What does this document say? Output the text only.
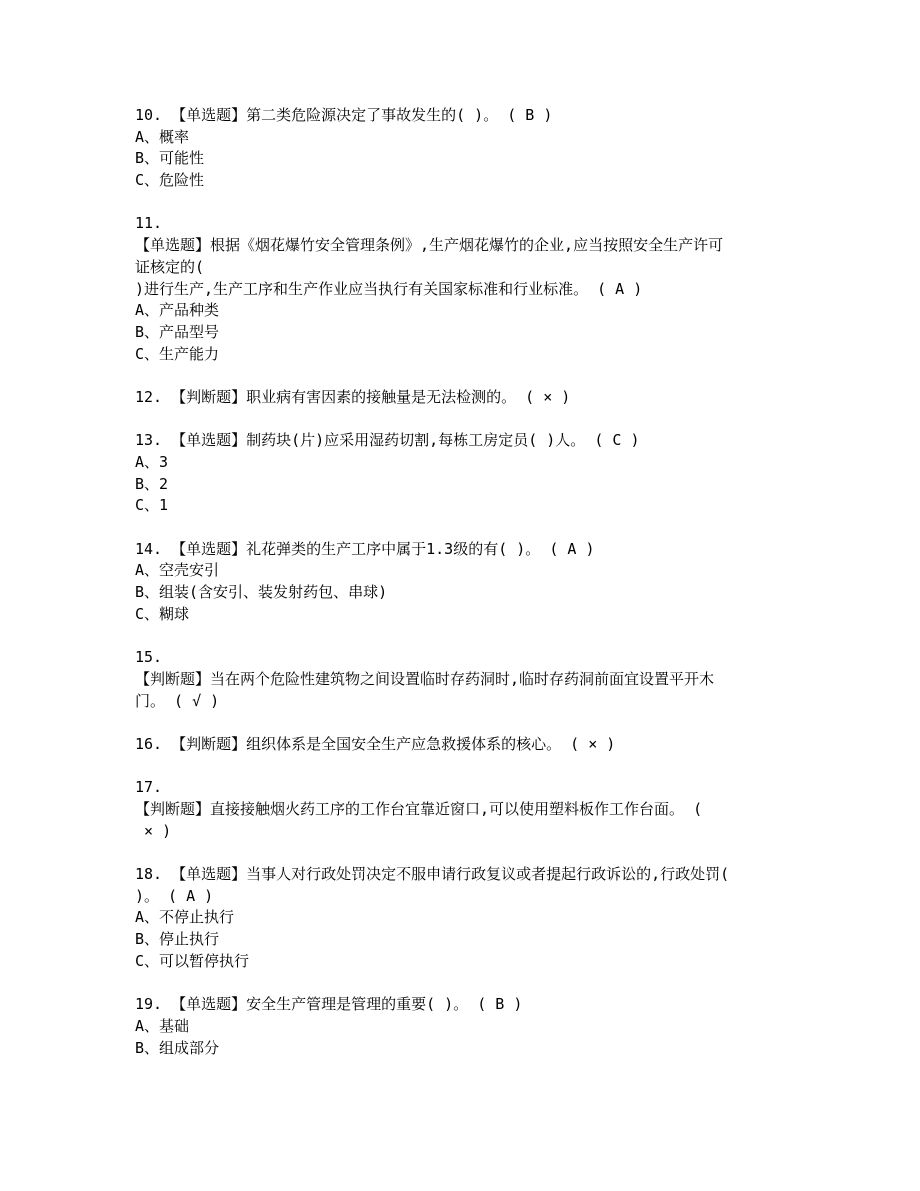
10. 【单选题】第二类危险源决定了事故发生的( )。 ( B )
A、概率
B、可能性
C、危险性
11.
【单选题】根据《烟花爆竹安全管理条例》,生产烟花爆竹的企业,应当按照安全生产许可
证核定的(
)进行生产,生产工序和生产作业应当执行有关国家标准和行业标准。 ( A )
A、产品种类
B、产品型号
C、生产能力
12. 【判断题】职业病有害因素的接触量是无法检测的。 ( × )
13. 【单选题】制药块(片)应采用湿药切割,每栋工房定员( )人。 ( C )
A、3
B、2
C、1
14. 【单选题】礼花弹类的生产工序中属于1.3级的有( )。 ( A )
A、空壳安引
B、组装(含安引、装发射药包、串球)
C、糊球
15.
【判断题】当在两个危险性建筑物之间设置临时存药洞时,临时存药洞前面宜设置平开木
门。 ( √ )
16. 【判断题】组织体系是全国安全生产应急救援体系的核心。 ( × )
17.
【判断题】直接接触烟火药工序的工作台宜靠近窗口,可以使用塑料板作工作台面。 (
× )
18. 【单选题】当事人对行政处罚决定不服申请行政复议或者提起行政诉讼的,行政处罚(
)。 ( A )
A、不停止执行
B、停止执行
C、可以暂停执行
19. 【单选题】安全生产管理是管理的重要( )。 ( B )
A、基础
B、组成部分
